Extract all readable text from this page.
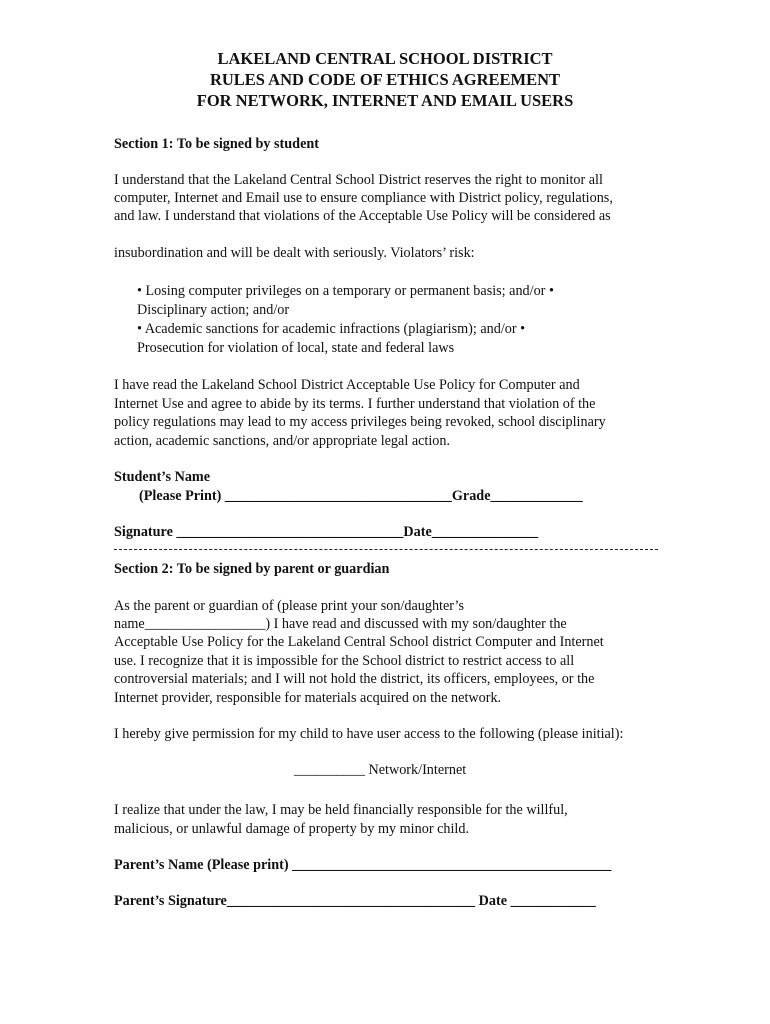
LAKELAND CENTRAL SCHOOL DISTRICT
RULES AND CODE OF ETHICS AGREEMENT
FOR NETWORK, INTERNET AND EMAIL USERS
Section 1: To be signed by student
I understand that the Lakeland Central School District reserves the right to monitor all
computer, Internet and Email use to ensure compliance with District policy, regulations,
and law. I understand that violations of the Acceptable Use Policy will be considered as
insubordination and will be dealt with seriously. Violators’ risk:
• Losing computer privileges on a temporary or permanent basis; and/or •
Disciplinary action; and/or
• Academic sanctions for academic infractions (plagiarism); and/or •
Prosecution for violation of local, state and federal laws
I have read the Lakeland School District Acceptable Use Policy for Computer and
Internet Use and agree to abide by its terms. I further understand that violation of the
policy regulations may lead to my access privileges being revoked, school disciplinary
action, academic sanctions, and/or appropriate legal action.
Student’s Name
(Please Print) ________________________________Grade_____________
Signature ________________________________Date_______________
Section 2: To be signed by parent or guardian
As the parent or guardian of (please print your son/daughter’s
name_________________) I have read and discussed with my son/daughter the
Acceptable Use Policy for the Lakeland Central School district Computer and Internet
use. I recognize that it is impossible for the School district to restrict access to all
controversial materials; and I will not hold the district, its officers, employees, or the
Internet provider, responsible for materials acquired on the network.
I hereby give permission for my child to have user access to the following (please initial):
__________ Network/Internet
I realize that under the law, I may be held financially responsible for the willful,
malicious, or unlawful damage of property by my minor child.
Parent’s Name (Please print) _____________________________________________
Parent’s Signature___________________________________ Date ____________
